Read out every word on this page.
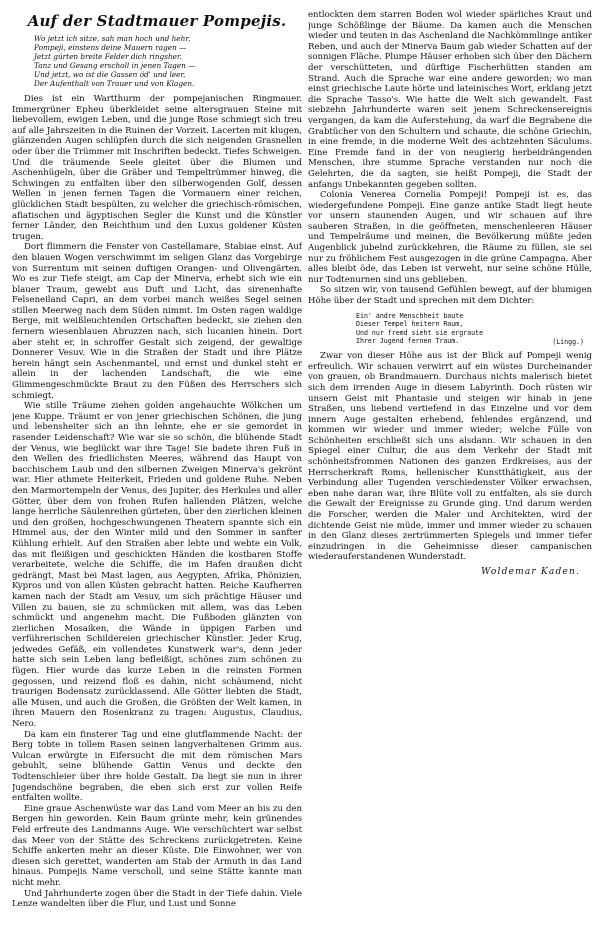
Auf der Stadtmauer Pompejis.
Wo jetzt ich sitze, sah man hoch und hehr,
Pompeji, einstens deine Mauern ragen —
Jetzt gürten breite Felder dich ringsher.
Tanz und Gesang erscholl in jenen Tagen —
Und jetzt, wo ist die Gassen öd' und leer,
Der Aufenthalt von Trauer und von Klagen.

Dies ist ein Wartthurm der pompejanischen Ringmauer. Immergrüner Epheu überkleidet seine altersgrauen Steine mit liebevollem, ewigen Leben, und die junge Rose schmiegt sich treu auf alle Jahrszeiten in die Ruinen der Vorzeit. Lacerten mit klugen, glänzenden Augen schlüpfen durch die sich neigenden Grasnellen oder über die Trümmer mit Inschriften bedeckt. Tiefes Schweigen. Und die träumende Seele gleitet über die Blumen und Aschenhügeln, über die Gräber und Tempeltrümmer hinweg, die Schwingen zu entfalten über den silberwogenden Golf, dessen Wellen in jenen fernen Tagen die Vormauern einer reichen, glücklichen Stadt bespülten, zu welcher die griechisch-römischen, afiatischen und ägyptischen Segler die Kunst und die Künstler ferner Länder, den Reichthum und den Luxus goldener Küsten trugen.

Dort flimmern die Fenster von Castellamare, Stabiae einst. Auf den blauen Wogen verschwimmt im seligen Glanz das Vorgebirge von Surrentum mit seinen duftigen Orangen- und Olivengärten. Wo es zur Tiefe steigt, am Cap der Minerva, erhebt sich wie ein blauer Traum, gewebt aus Duft und Licht, das sirenenhafte Felseneiland Capri, an dem vorbei manch weißes Segel seinen stillen Meerweg nach dem Süden nimmt. Im Osten ragen waldige Berge, mit weißleuchtenden Ortschaften bedeckt, sie ziehen den fernern wiesenblauen Abruzzen nach, sich lucanien hinein. Dort aber steht er, in schroffer Gestalt sich zeigend, der gewaltige Donnerer Vesuv. Wie in die Straßen der Stadt und ihre Plätze herein hängt sein Aschenmantel, und ernst und dunkel steht er allein in der lachenden Landschaft, die wie eine Glimmengeschmückte Braut zu den Füßen des Herrschers sich schmiegt.

Wie stille Träume ziehen golden angehauchte Wölkchen um jene Kuppe. Träumt er von jener griechischen Schönen, die jung und lebensheiter sich an ihn lehnte, ehe er sie gemordet in rasender Leidenschaft? Wie war sie so schön, die blühende Stadt der Venus, wie beglückt war ihre Tage! Sie badete ihren Fuß in den Wellen des friedlichsten Meeres, während das Haupt von bacchischem Laub und den silbernen Zweigen Minerva's gekrönt war. Hier athmete Heiterkeit, Frieden und goldene Ruhe. Neben den Marmortempeln der Venus, des Jupiter, des Herkules und aller Götter, über dem von frohen Rufen hallenden Plätzen, welche lange herrliche Säulenreihen gürteten, über den zierlichen kleinen und den großen, hochgeschwungenen Theatern spannte sich ein Himmel aus, der den Winter mild und den Sommer in sanfter Kühlung erhielt. Auf den Straßen aber lebte und webte ein Volk, das mit fleißigen und geschickten Händen die kostbaren Stoffe verarbeitete, welche die Schiffe, die im Hafen draußen dicht gedrängt, Mast bei Mast lagen, aus Aegypten, Afrika, Phönizien, Kypros und von allen Küsten gebracht hatten. Reiche Kaufherren kamen nach der Stadt am Vesuv, um sich prächtige Häuser und Villen zu bauen, sie zu schmücken mit allem, was das Leben schmückt und angenehm macht. Die Fußboden glänzten von zierlichen Mosaiken, die Wände in üppigen Farben und verführerischen Schildereien griechischer Künstler. Jeder Krug, jedwedes Gefäß, ein vollendetes Kunstwerk war's, denn jeder hatte sich sein Leben lang befleißigt, schönes zum schönen zu fügen. Hier wurde das kurze Leben in die reinsten Formen gegossen, und reizend floß es dahin, nicht schäumend, nicht traurigen Bodensatz zurücklassend. Alle Götter liebten die Stadt, alle Musen, und auch die Großen, die Größten der Welt kamen, in ihren Mauern den Rosenkranz zu tragen: Augustus, Claudius, Nero.

Da kam ein finsterer Tag und eine glutflammende Nacht: der Berg tobte in tollem Rasen seinen langverhaltenen Grimm aus. Vulcan erwürgte in Eifersucht die mit dem römischen Mars gebuhlt, seine blühende Gattin Venus und deckte den Todtenschleier über ihre holde Gestalt. Da liegt sie nun in ihrer Jugendschöne begraben, die eben sich erst zur vollen Reife entfalten wollte.

Eine graue Aschenwüste war das Land vom Meer an bis zu den Bergen hin geworden. Kein Baum grünte mehr, kein grünendes Feld erfreute des Landmanns Auge. Wie verschüchtert war selbst das Meer von der Stätte des Schreckens zurückgetreten. Keine Schiffe ankerten mehr an dieser Küste. Die Einwohner, wer von diesen sich gerettet, wanderten am Stab der Armuth in das Land hinaus. Pompejis Name verscholl, und seine Stätte kannte man nicht mehr.

Und Jahrhunderte zogen über die Stadt in der Tiefe dahin. Viele Lenze wandelten über die Flur, und Lust und Sonne

entlockten dem starren Boden wol wieder spärliches Kraut und junge Schößlinge der Bäume. Da kamen auch die Menschen wieder und teuten in das Aschenland die Nachkömmlinge antiker Reben, und auch der Minerva Baum gab wieder Schatten auf der sonnigen Fläche. Plumpe Häuser erhoben sich über den Dächern der verschütteten, und dürftige Fischerhütten standen am Strand. Auch die Sprache war eine andere geworden; wo man einst griechische Laute hörte und lateinisches Wort, erklang jetzt die Sprache Tasso's. Wie hatte die Welt sich gewandelt. Fast siebzehn Jahrhunderte waren seit jenem Schreckensereignis vergangen, da kam die Auferstehung, da warf die Begrabene die Grabtücher von den Schultern und schaute, die schöne Griechin, in eine fremde, in die moderne Welt des achtzehnten Säculums. Eine Fremde fand in der von neugierig herbeidrängenden Menschen, ihre stumme Sprache verstanden nur noch die Gelehrten, die da sagten, sie heißt Pompeji, die Stadt der anfangs Unbekannten gegeben sollten.

Colonia Venerea Cornelia Pompeji! Pompeji ist es, das wiedergefundene Pompeji. Eine ganze antike Stadt liegt heute vor unsern staunenden Augen, und wir schauen auf ihre sauberen Straßen, in die geöffneten, menschenleeren Häuser und Tempelräume und meinen, die Bevölkerung müßte jeden Augenblick jubelnd zurückkehren, die Räume zu füllen, sie sei nur zu fröhlichem Fest ausgezogen in die grüne Campagna. Aber alles bleibt öde, das Leben ist verweht, nur seine schöne Hülle, nur Todtenurnen sind uns geblieben.

So sitzen wir, von tausend Gefühlen bewegt, auf der blumigen Höhe über der Stadt und sprechen mit dem Dichter:

Ein' andre Menschheit baute
Dieser Tempel heitern Raum,
Und nur fremd sieht sie ergraute
Ihrer Jugend fernen Traum.	(Lingg.)

Zwar von dieser Höhe aus ist der Blick auf Pompeji wenig erfreulich. Wir schauen verwirrt auf ein wüstes Durcheinander von grauen, ob Brandmauern. Durchaus nichts malerisch bietet sich dem irrenden Auge in diesem Labyrinth. Doch rüsten wir unsern Geist mit Phantasie und steigen wir hinab in jene Straßen, uns liebend vertiefend in das Einzelne und vor dem innern Auge gestalten erhebend, fehlendes ergänzend, und kommen wir wieder und immer wieder; welche Fülle von Schönheiten erschließt sich uns alsdann. Wir schauen in den Spiegel einer Cultur, die aus dem Verkehr der Stadt mit schönheitsfrommen Nationen des ganzen Erdkreises, aus der Herrscherkraft Roms, hellenischer Kunstthätigkeit, aus der Verbindung aller Tugenden verschiedenster Völker erwachsen, eben nahe daran war, ihre Blüte voll zu entfalten, als sie durch die Gewalt der Ereignisse zu Grunde ging. Und darum werden die Forscher, werden die Maler und Architekten, wird der dichtende Geist nie müde, immer und immer wieder zu schauen in den Glanz dieses zertrümmerten Spiegels und immer tiefer einzudringen in die Geheimnisse dieser campanischen wiederauferstandenen Wunderstadt.

Woldemar Kaden.
